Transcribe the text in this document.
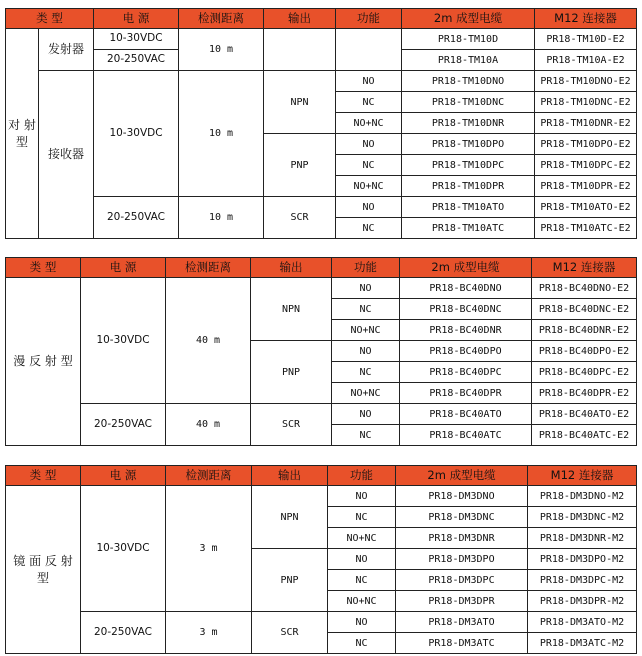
类 型		电 源	检测距离	输出	功能	2m 成型电缆	M12 连接器
对 射 型	发射器	10-30VDC	10 m			PR18-TM10D	PR18-TM10D-E2
		20-250VAC				PR18-TM10A	PR18-TM10A-E2
	接收器	10-30VDC	10 m	NPN	NO	PR18-TM10DNO	PR18-TM10DNO-E2
					NC	PR18-TM10DNC	PR18-TM10DNC-E2
					NO+NC	PR18-TM10DNR	PR18-TM10DNR-E2
				PNP	NO	PR18-TM10DPO	PR18-TM10DPO-E2
					NC	PR18-TM10DPC	PR18-TM10DPC-E2
					NO+NC	PR18-TM10DPR	PR18-TM10DPR-E2
		20-250VAC	10 m	SCR	NO	PR18-TM10ATO	PR18-TM10ATO-E2
					NC	PR18-TM10ATC	PR18-TM10ATC-E2
类 型	电 源	检测距离	输出	功能	2m 成型电缆	M12 连接器
漫 反 射 型	10-30VDC	40 m	NPN	NO	PR18-BC40DNO	PR18-BC40DNO-E2
				NC	PR18-BC40DNC	PR18-BC40DNC-E2
				NO+NC	PR18-BC40DNR	PR18-BC40DNR-E2
			PNP	NO	PR18-BC40DPO	PR18-BC40DPO-E2
				NC	PR18-BC40DPC	PR18-BC40DPC-E2
				NO+NC	PR18-BC40DPR	PR18-BC40DPR-E2
	20-250VAC	40 m	SCR	NO	PR18-BC40ATO	PR18-BC40ATO-E2
				NC	PR18-BC40ATC	PR18-BC40ATC-E2
类 型	电 源	检测距离	输出	功能	2m 成型电缆	M12 连接器
镜 面 反 射 型	10-30VDC	3 m	NPN	NO	PR18-DM3DNO	PR18-DM3DNO-M2
				NC	PR18-DM3DNC	PR18-DM3DNC-M2
				NO+NC	PR18-DM3DNR	PR18-DM3DNR-M2
			PNP	NO	PR18-DM3DPO	PR18-DM3DPO-M2
				NC	PR18-DM3DPC	PR18-DM3DPC-M2
				NO+NC	PR18-DM3DPR	PR18-DM3DPR-M2
	20-250VAC	3 m	SCR	NO	PR18-DM3ATO	PR18-DM3ATO-M2
				NC	PR18-DM3ATC	PR18-DM3ATC-M2
